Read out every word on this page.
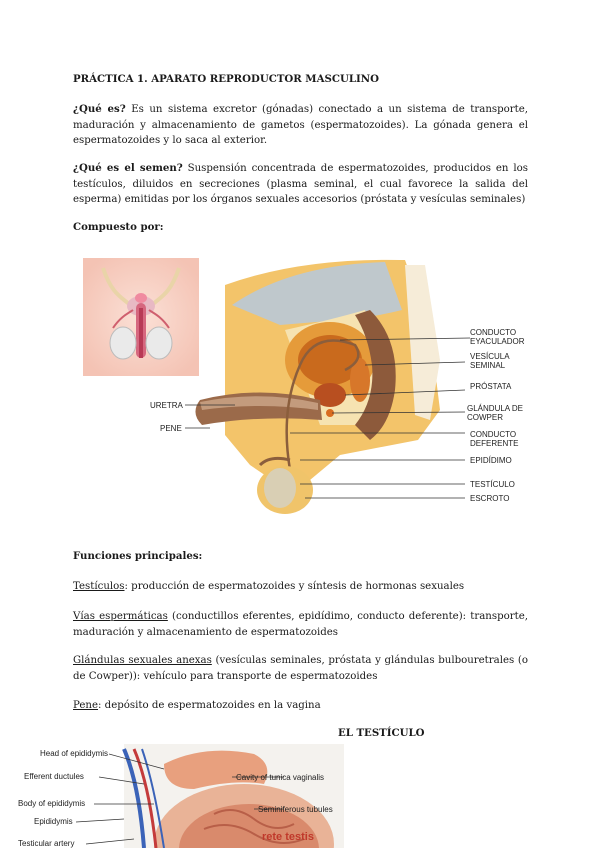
PRÁCTICA 1. APARATO REPRODUCTOR MASCULINO
¿Qué es? Es un sistema excretor (gónadas) conectado a un sistema de transporte, maduración y almacenamiento de gametos (espermatozoides). La gónada genera el espermatozoides y lo saca al exterior.
¿Qué es el semen? Suspensión concentrada de espermatozoides, producidos en los testículos, diluidos en secreciones (plasma seminal, el cual favorece la salida del esperma) emitidas por los órganos sexuales accesorios (próstata y vesículas seminales)
Compuesto por:
CONDUCTO
EYACULADOR
VESÍCULA
SEMINAL
PRÓSTATA
GLÁNDULA DE
COWPER
CONDUCTO
DEFERENTE
EPIDÍDIMO
TESTÍCULO
ESCROTO
URETRA
PENE
Funciones principales:
Testículos: producción de espermatozoides y síntesis de hormonas sexuales
Vías espermáticas (conductillos eferentes, epidídimo, conducto deferente): transporte, maduración y almacenamiento de espermatozoides
Glándulas sexuales anexas (vesículas seminales, próstata y glándulas bulbouretrales (o de Cowper)): vehículo para transporte de espermatozoides
Pene: depósito de espermatozoides en la vagina
EL TESTÍCULO
Head of epididymis
Efferent ductules
Body of epididymis
Epididymis
Testicular artery
Cavity of tunica vaginalis
Seminiferous tubules
rete testis
